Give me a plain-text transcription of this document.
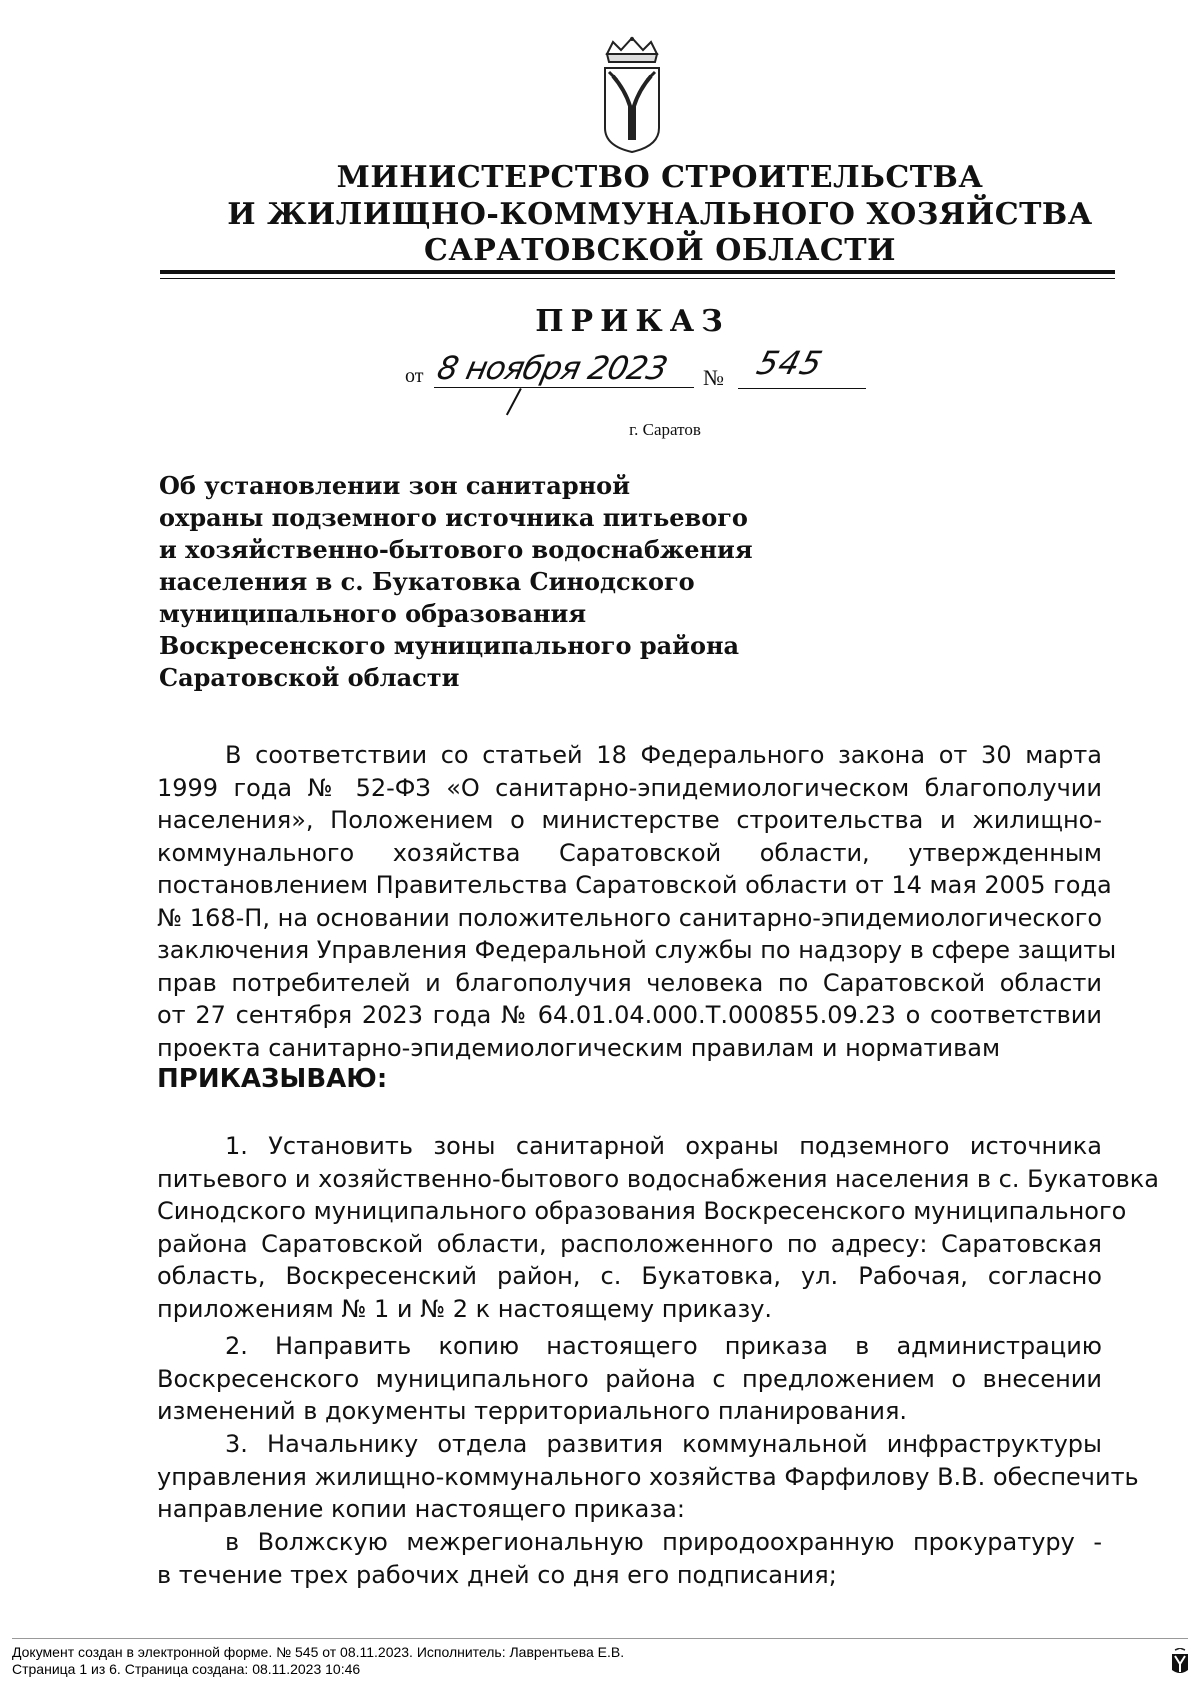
МИНИСТЕРСТВО СТРОИТЕЛЬСТВА
И ЖИЛИЩНО-КОММУНАЛЬНОГО ХОЗЯЙСТВА
САРАТОВСКОЙ ОБЛАСТИ
ПРИКАЗ
от 8 ноября 2023 № 545
г. Саратов
Об установлении зон санитарной
охраны подземного источника питьевого
и хозяйственно-бытового водоснабжения
населения в с. Букатовка Синодского
муниципального образования
Воскресенского муниципального района
Саратовской области
В соответствии со статьей 18 Федерального закона от 30 марта
1999 года № 52-ФЗ «О санитарно-эпидемиологическом благополучии
населения», Положением о министерстве строительства и жилищно-
коммунального хозяйства Саратовской области, утвержденным
постановлением Правительства Саратовской области от 14 мая 2005 года
№ 168-П, на основании положительного санитарно-эпидемиологического
заключения Управления Федеральной службы по надзору в сфере защиты
прав потребителей и благополучия человека по Саратовской области
от 27 сентября 2023 года № 64.01.04.000.Т.000855.09.23 о соответствии
проекта санитарно-эпидемиологическим правилам и нормативам
ПРИКАЗЫВАЮ:
1. Установить зоны санитарной охраны подземного источника
питьевого и хозяйственно-бытового водоснабжения населения в с. Букатовка
Синодского муниципального образования Воскресенского муниципального
района Саратовской области, расположенного по адресу: Саратовская
область, Воскресенский район, с. Букатовка, ул. Рабочая, согласно
приложениям № 1 и № 2 к настоящему приказу.
2. Направить копию настоящего приказа в администрацию
Воскресенского муниципального района с предложением о внесении
изменений в документы территориального планирования.
3. Начальнику отдела развития коммунальной инфраструктуры
управления жилищно-коммунального хозяйства Фарфилову В.В. обеспечить
направление копии настоящего приказа:
в Волжскую межрегиональную природоохранную прокуратуру -
в течение трех рабочих дней со дня его подписания;
Документ создан в электронной форме. № 545 от 08.11.2023. Исполнитель: Лаврентьева Е.В.
Страница 1 из 6. Страница создана: 08.11.2023 10:46
